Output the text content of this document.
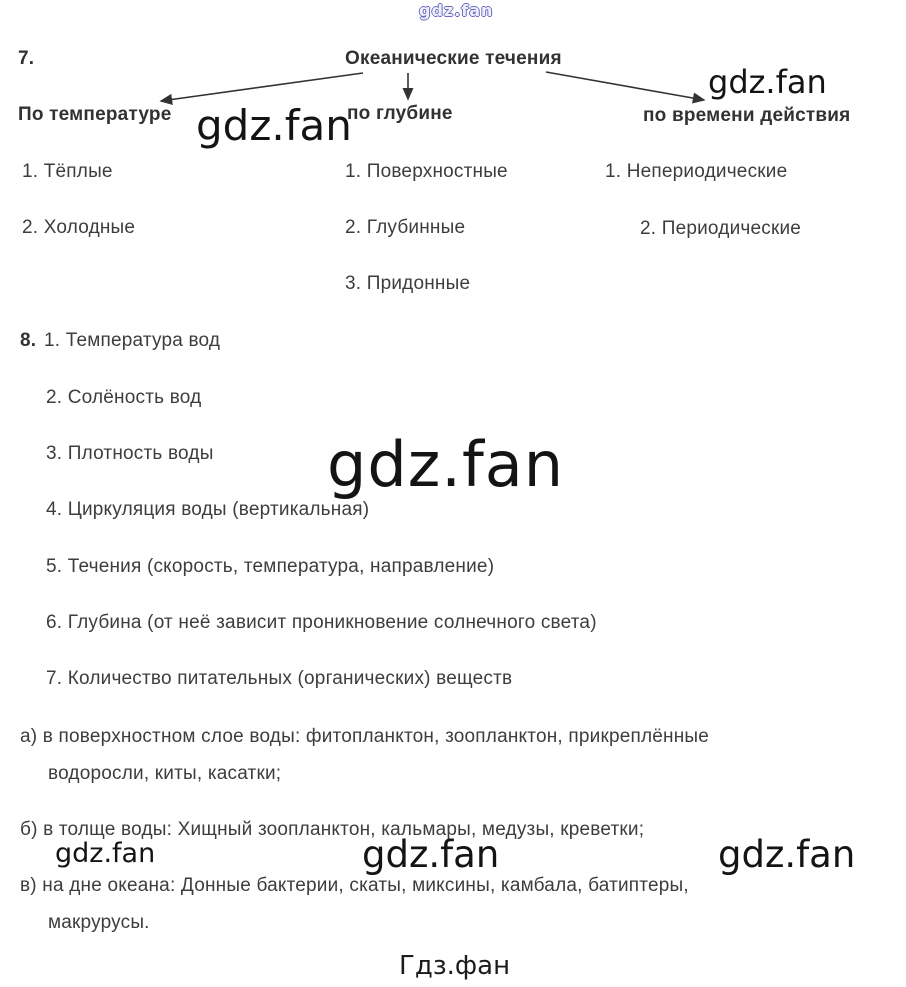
gdz.fan
7.	Океанические течения
По температуре	по глубине	по времени действия
gdz.fan
gdz.fan
1. Тёплые
2. Холодные
1. Поверхностные
2. Глубинные
3. Придонные
1. Непериодические
2. Периодические
8. 1. Температура вод
2. Солёность вод
3. Плотность воды
4. Циркуляция воды (вертикальная)
5. Течения (скорость, температура, направление)
6. Глубина (от неё зависит проникновение солнечного света)
7. Количество питательных (органических) веществ
gdz.fan
а) в поверхностном слое воды: фитопланктон, зоопланктон, прикреплённые
водоросли, киты, касатки;
б) в толще воды: Хищный зоопланктон, кальмары, медузы, креветки;
gdz.fan	gdz.fan	gdz.fan
в) на дне океана: Донные бактерии, скаты, миксины, камбала, батиптеры,
макрурусы.
Гдз.фан
